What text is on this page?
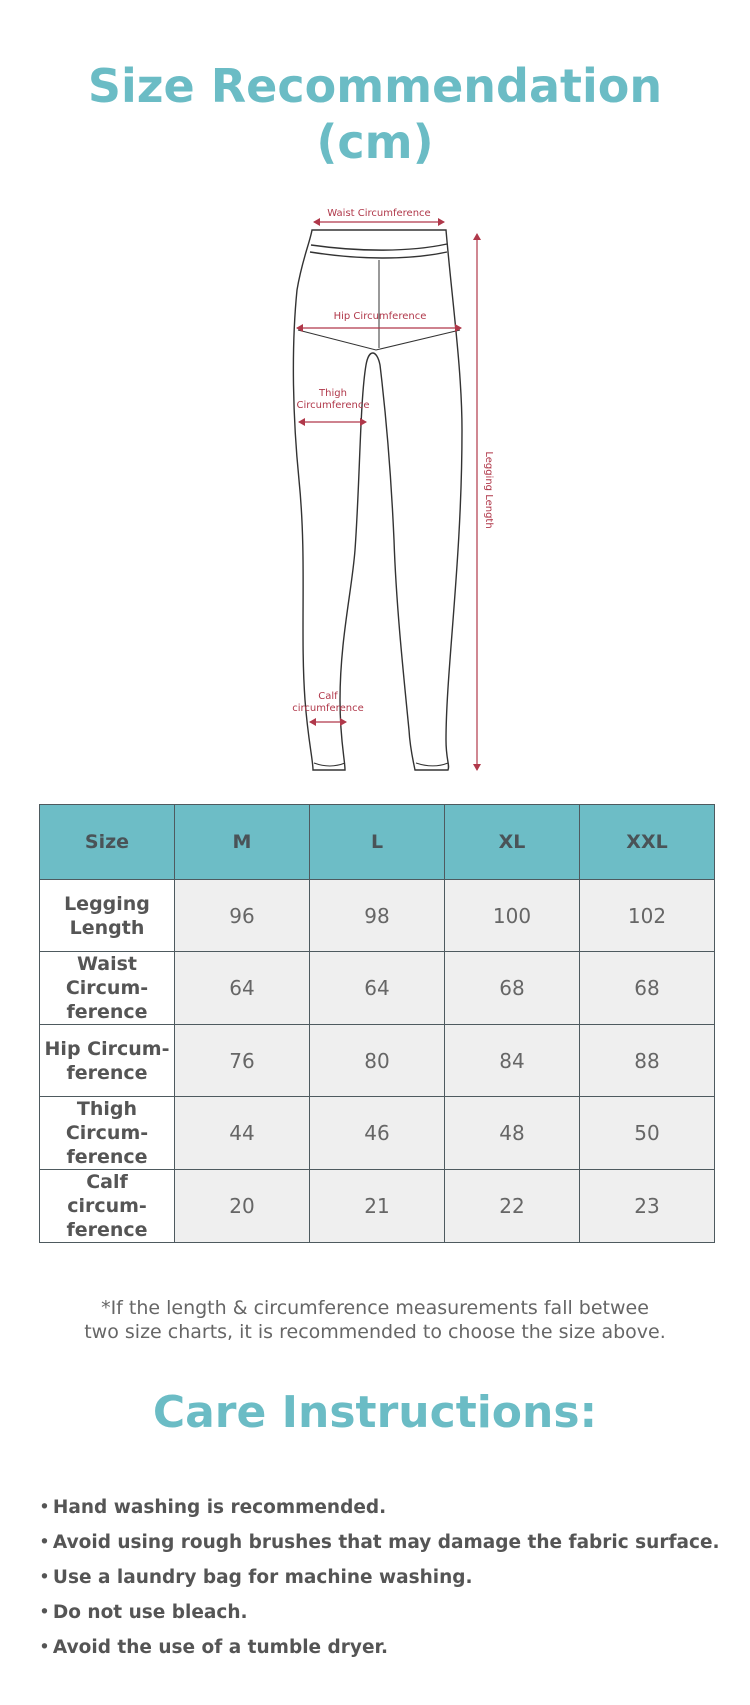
Size Recommendation
(cm)
Waist Circumference
Hip Circumference
Thigh
Circumference
Calf
circumference
Legging Length
Size	M	L	XL	XXL
Legging
Length	96	98	100	102
Waist
Circum-
ference	64	64	68	68
Hip Circum-
ference	76	80	84	88
Thigh
Circum-
ference	44	46	48	50
Calf circum-
ference	20	21	22	23
*If the length & circumference measurements fall betwee
two size charts, it is recommended to choose the size above.
Care Instructions:
• Hand washing is recommended.
• Avoid using rough brushes that may damage the fabric surface.
• Use a laundry bag for machine washing.
• Do not use bleach.
• Avoid the use of a tumble dryer.
